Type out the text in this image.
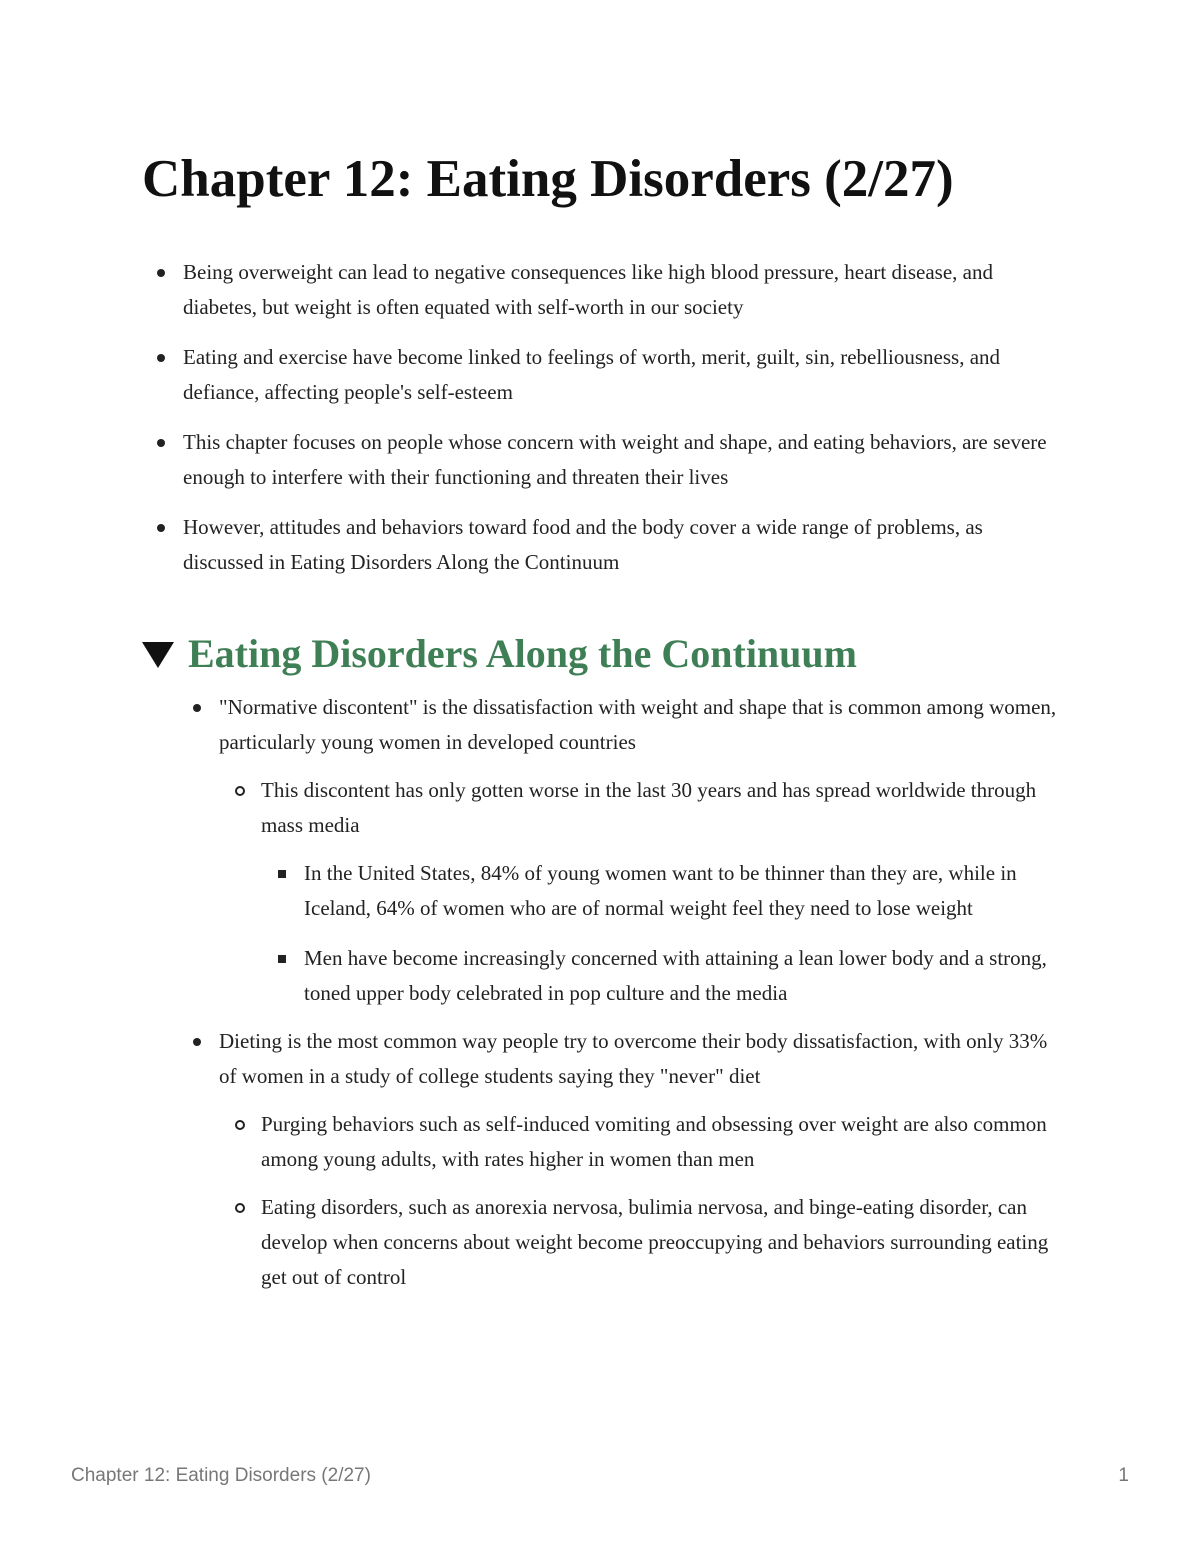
Chapter 12: Eating Disorders (2/27)
Being overweight can lead to negative consequences like high blood pressure, heart disease, and diabetes, but weight is often equated with self-worth in our society
Eating and exercise have become linked to feelings of worth, merit, guilt, sin, rebelliousness, and defiance, affecting people's self-esteem
This chapter focuses on people whose concern with weight and shape, and eating behaviors, are severe enough to interfere with their functioning and threaten their lives
However, attitudes and behaviors toward food and the body cover a wide range of problems, as discussed in Eating Disorders Along the Continuum
Eating Disorders Along the Continuum
"Normative discontent" is the dissatisfaction with weight and shape that is common among women, particularly young women in developed countries
This discontent has only gotten worse in the last 30 years and has spread worldwide through mass media
In the United States, 84% of young women want to be thinner than they are, while in Iceland, 64% of women who are of normal weight feel they need to lose weight
Men have become increasingly concerned with attaining a lean lower body and a strong, toned upper body celebrated in pop culture and the media
Dieting is the most common way people try to overcome their body dissatisfaction, with only 33% of women in a study of college students saying they "never" diet
Purging behaviors such as self-induced vomiting and obsessing over weight are also common among young adults, with rates higher in women than men
Eating disorders, such as anorexia nervosa, bulimia nervosa, and binge-eating disorder, can develop when concerns about weight become preoccupying and behaviors surrounding eating get out of control
Chapter 12: Eating Disorders (2/27)	1
